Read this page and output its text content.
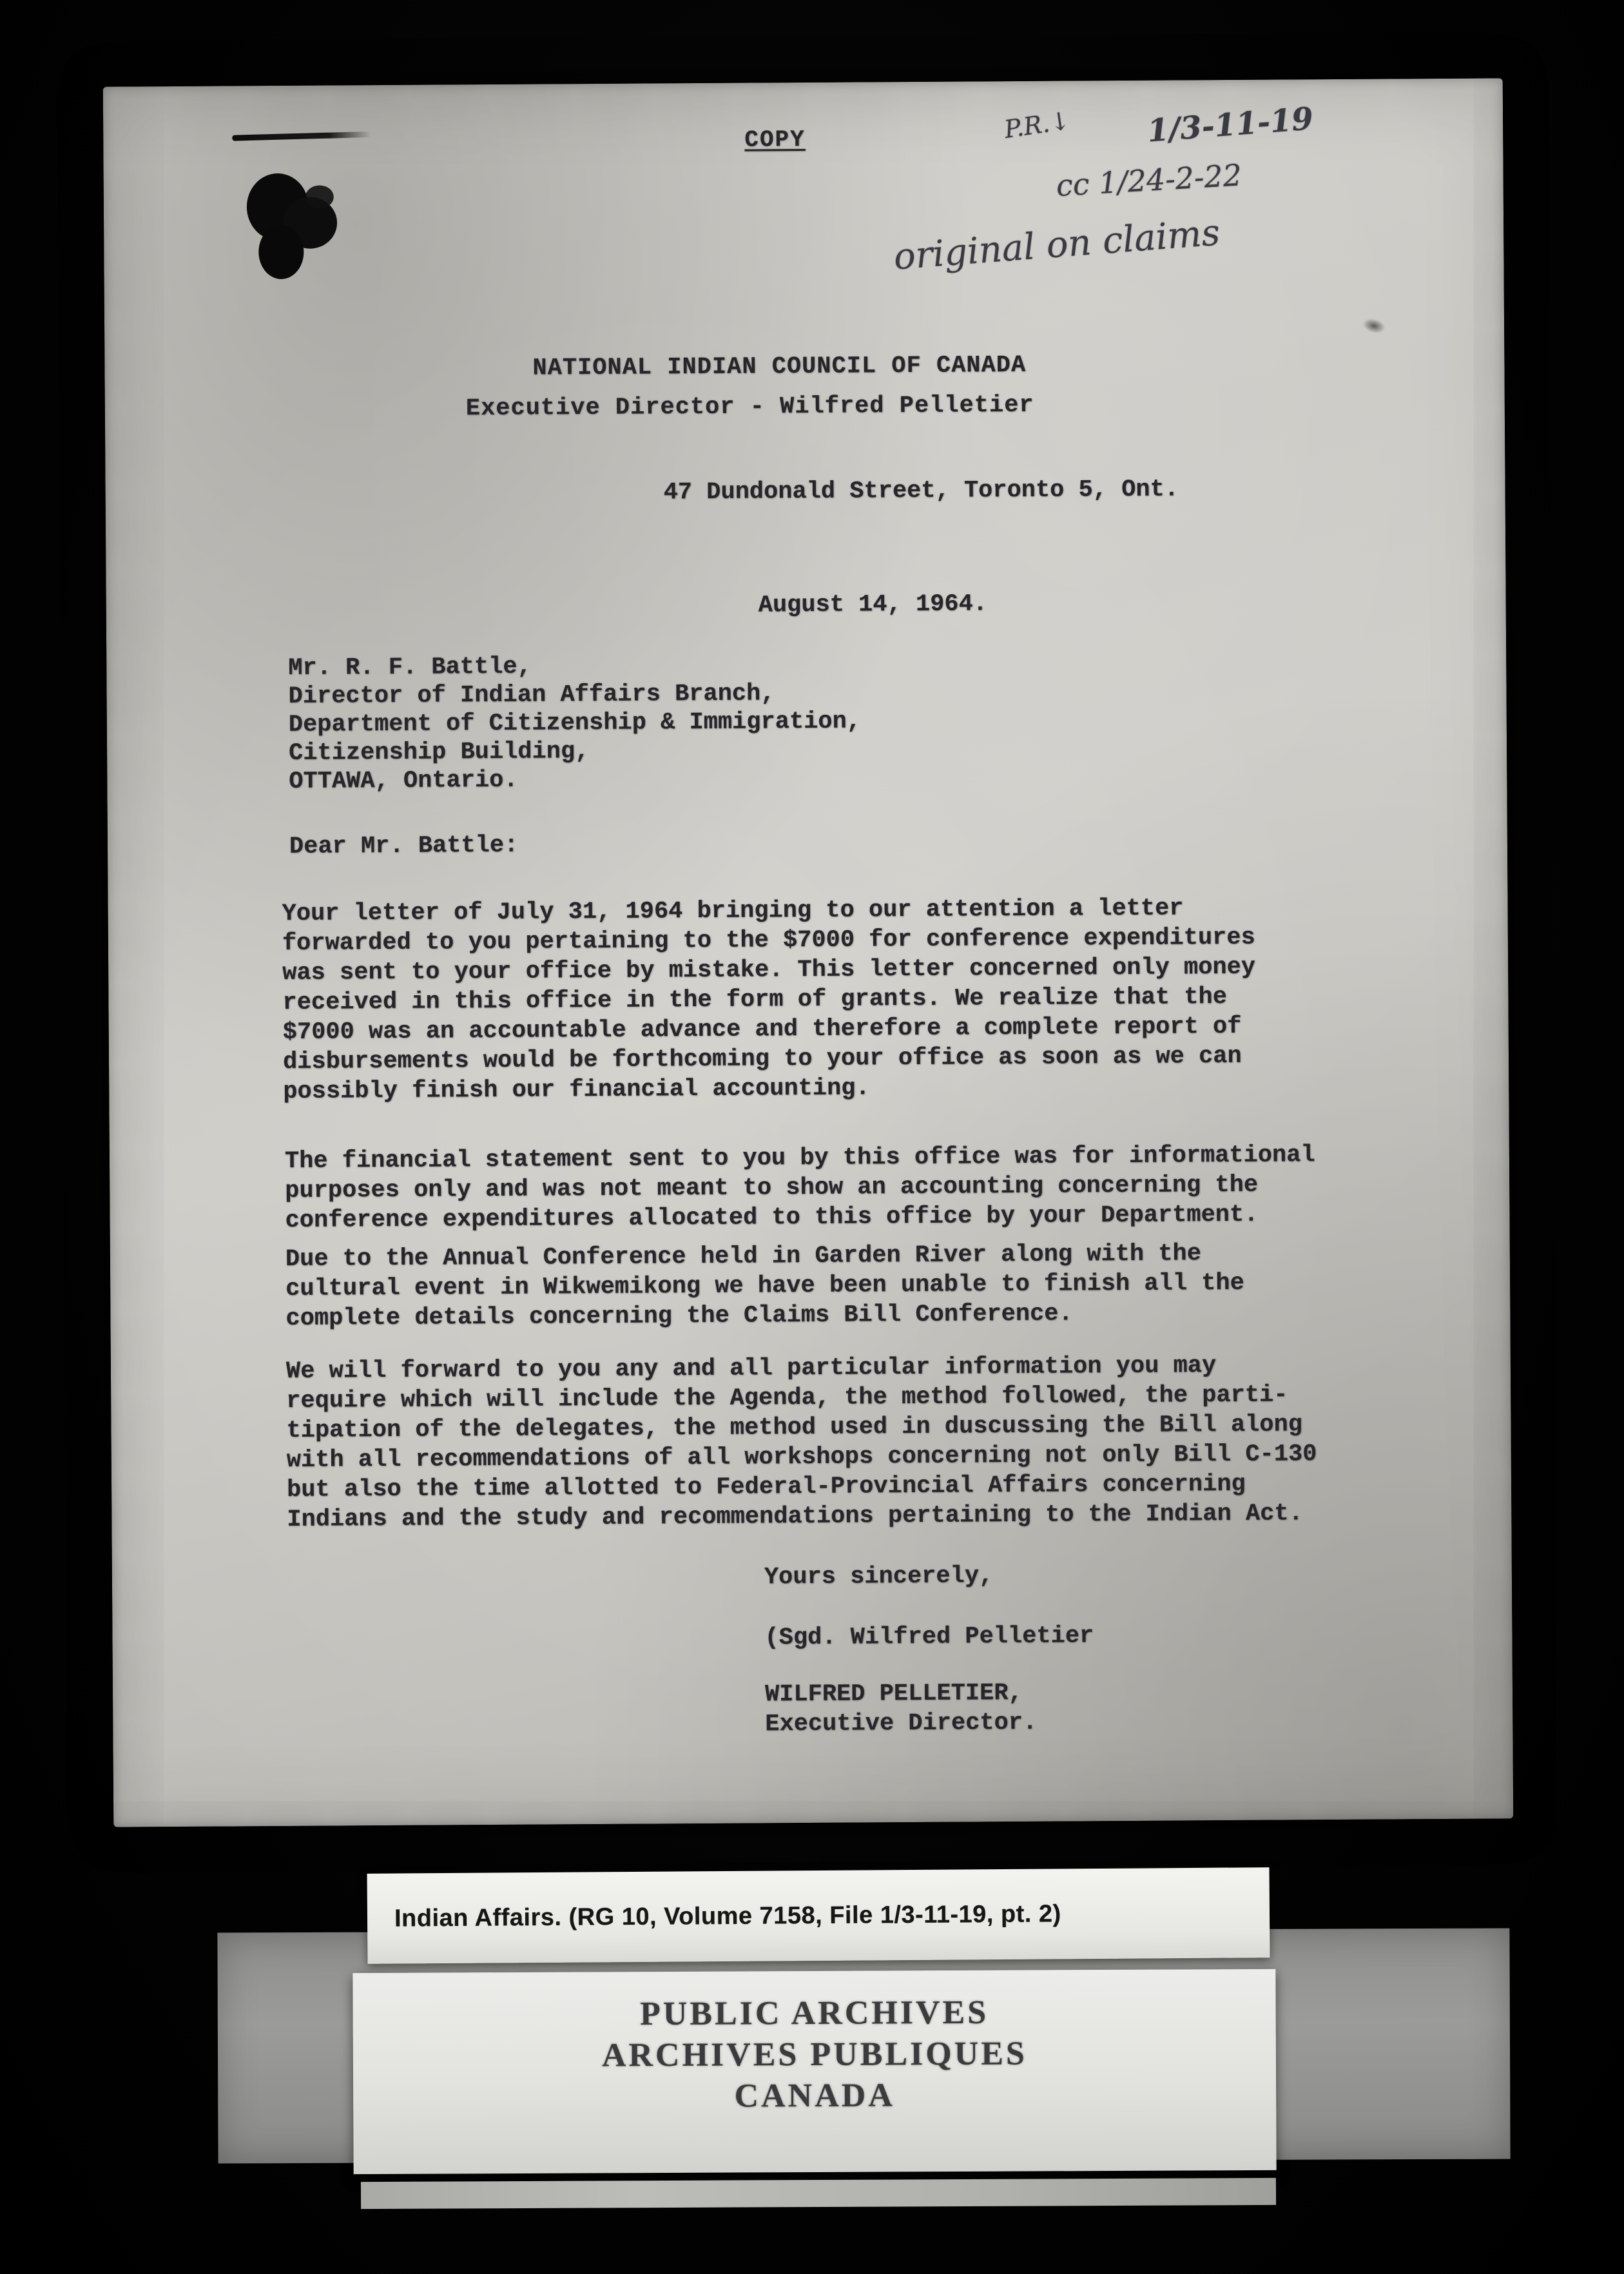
COPY	P.R.↓ 1/3-11-19
cc 1/24-2-22
original on claims
NATIONAL INDIAN COUNCIL OF CANADA
Executive Director - Wilfred Pelletier
47 Dundonald Street, Toronto 5, Ont.
August 14, 1964.
Mr. R. F. Battle,
Director of Indian Affairs Branch,
Department of Citizenship & Immigration,
Citizenship Building,
OTTAWA, Ontario.
Dear Mr. Battle:
Your letter of July 31, 1964 bringing to our attention a letter
forwarded to you pertaining to the $7000 for conference expenditures
was sent to your office by mistake. This letter concerned only money
received in this office in the form of grants. We realize that the
$7000 was an accountable advance and therefore a complete report of
disbursements would be forthcoming to your office as soon as we can
possibly finish our financial accounting.
The financial statement sent to you by this office was for informational
purposes only and was not meant to show an accounting concerning the
conference expenditures allocated to this office by your Department.
Due to the Annual Conference held in Garden River along with the
cultural event in Wikwemikong we have been unable to finish all the
complete details concerning the Claims Bill Conference.
We will forward to you any and all particular information you may
require which will include the Agenda, the method followed, the parti-
tipation of the delegates, the method used in duscussing the Bill along
with all recommendations of all workshops concerning not only Bill C-130
but also the time allotted to Federal-Provincial Affairs concerning
Indians and the study and recommendations pertaining to the Indian Act.
Yours sincerely,
(Sgd. Wilfred Pelletier
WILFRED PELLETIER,
Executive Director.
Indian Affairs. (RG 10, Volume 7158, File 1/3-11-19, pt. 2)
PUBLIC ARCHIVES
ARCHIVES PUBLIQUES
CANADA
